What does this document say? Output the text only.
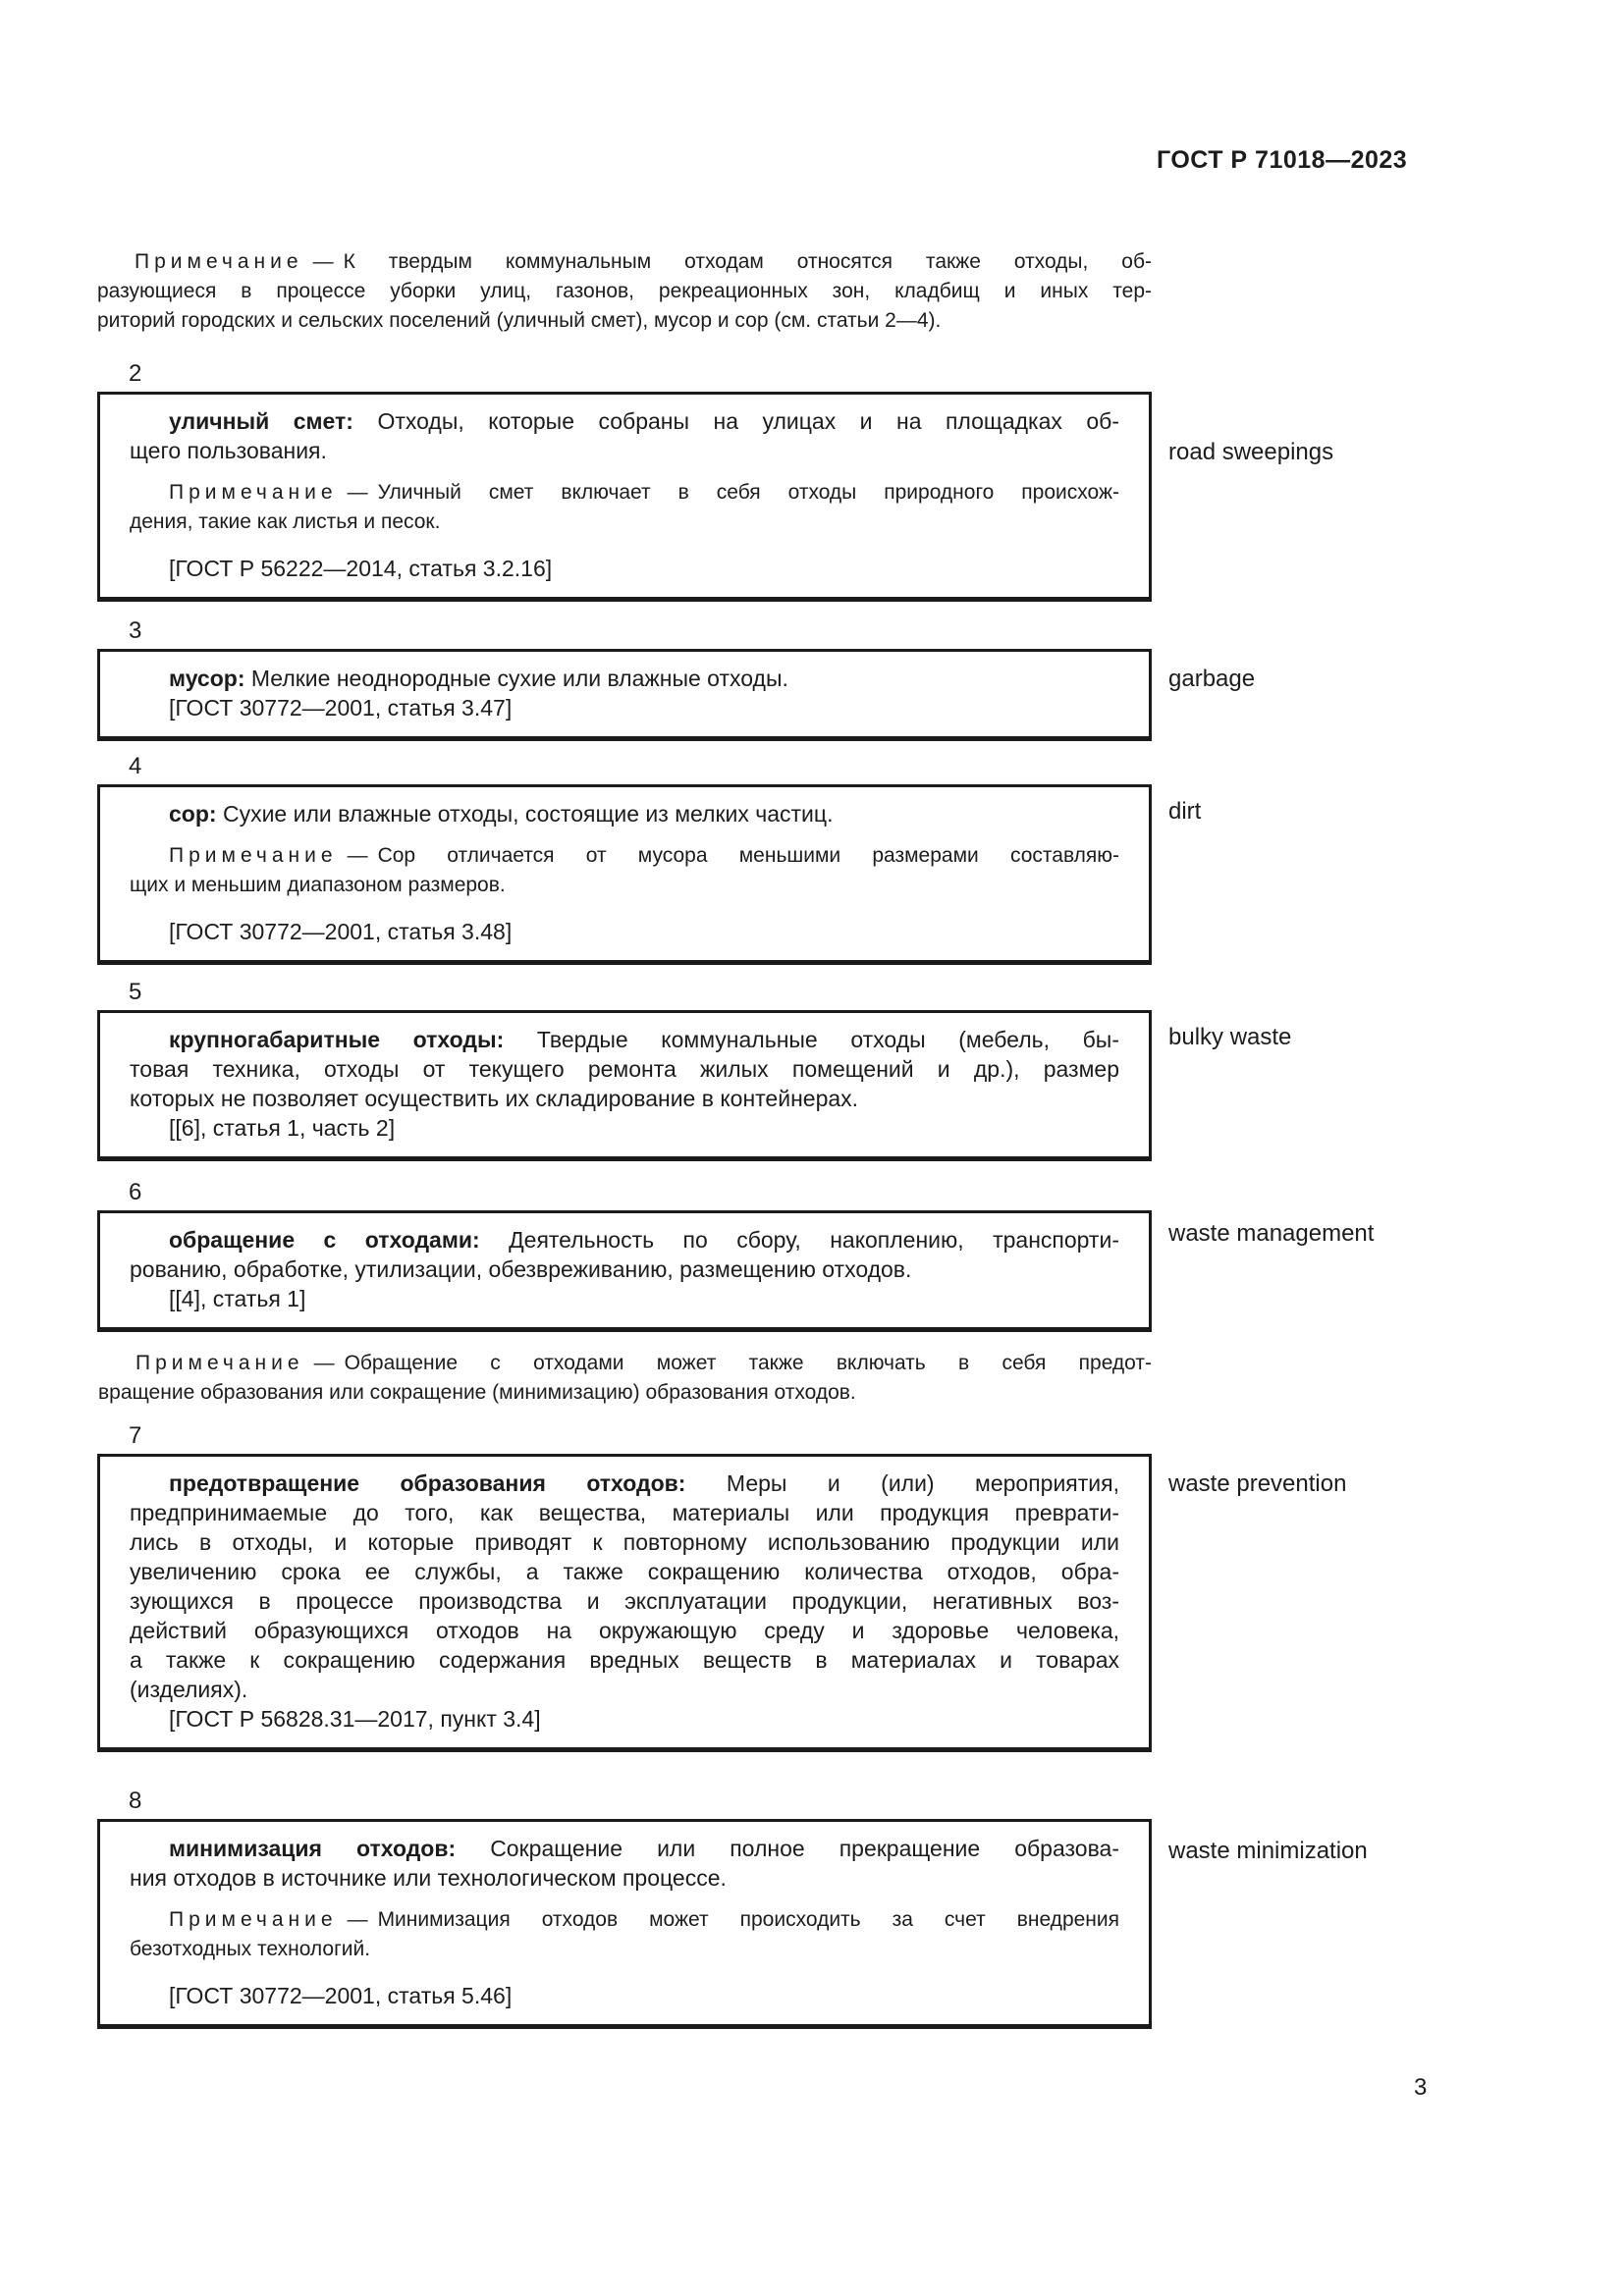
ГОСТ Р 71018—2023
Примечание — К твердым коммунальным отходам относятся также отходы, об-
разующиеся в процессе уборки улиц, газонов, рекреационных зон, кладбищ и иных тер-
риторий городских и сельских поселений (уличный смет), мусор и сор (см. статьи 2—4).
2
уличный смет: Отходы, которые собраны на улицах и на площадках об-
щего пользования.
Примечание — Уличный смет включает в себя отходы природного происхож-
дения, такие как листья и песок.
[ГОСТ Р 56222—2014, статья 3.2.16]
road sweepings
3
мусор: Мелкие неоднородные сухие или влажные отходы.
[ГОСТ 30772—2001, статья 3.47]
garbage
4
сор: Сухие или влажные отходы, состоящие из мелких частиц.
Примечание — Сор отличается от мусора меньшими размерами составляю-
щих и меньшим диапазоном размеров.
[ГОСТ 30772—2001, статья 3.48]
dirt
5
крупногабаритные отходы: Твердые коммунальные отходы (мебель, бы-
товая техника, отходы от текущего ремонта жилых помещений и др.), размер
которых не позволяет осуществить их складирование в контейнерах.
[[6], статья 1, часть 2]
bulky waste
6
обращение с отходами: Деятельность по сбору, накоплению, транспорти-
рованию, обработке, утилизации, обезвреживанию, размещению отходов.
[[4], статья 1]
waste management
Примечание — Обращение с отходами может также включать в себя предот-
вращение образования или сокращение (минимизацию) образования отходов.
7
предотвращение образования отходов: Меры и (или) мероприятия,
предпринимаемые до того, как вещества, материалы или продукция преврати-
лись в отходы, и которые приводят к повторному использованию продукции или
увеличению срока ее службы, а также сокращению количества отходов, обра-
зующихся в процессе производства и эксплуатации продукции, негативных воз-
действий образующихся отходов на окружающую среду и здоровье человека,
а также к сокращению содержания вредных веществ в материалах и товарах
(изделиях).
[ГОСТ Р 56828.31—2017, пункт 3.4]
waste prevention
8
минимизация отходов: Сокращение или полное прекращение образова-
ния отходов в источнике или технологическом процессе.
Примечание — Минимизация отходов может происходить за счет внедрения
безотходных технологий.
[ГОСТ 30772—2001, статья 5.46]
waste minimization
3
